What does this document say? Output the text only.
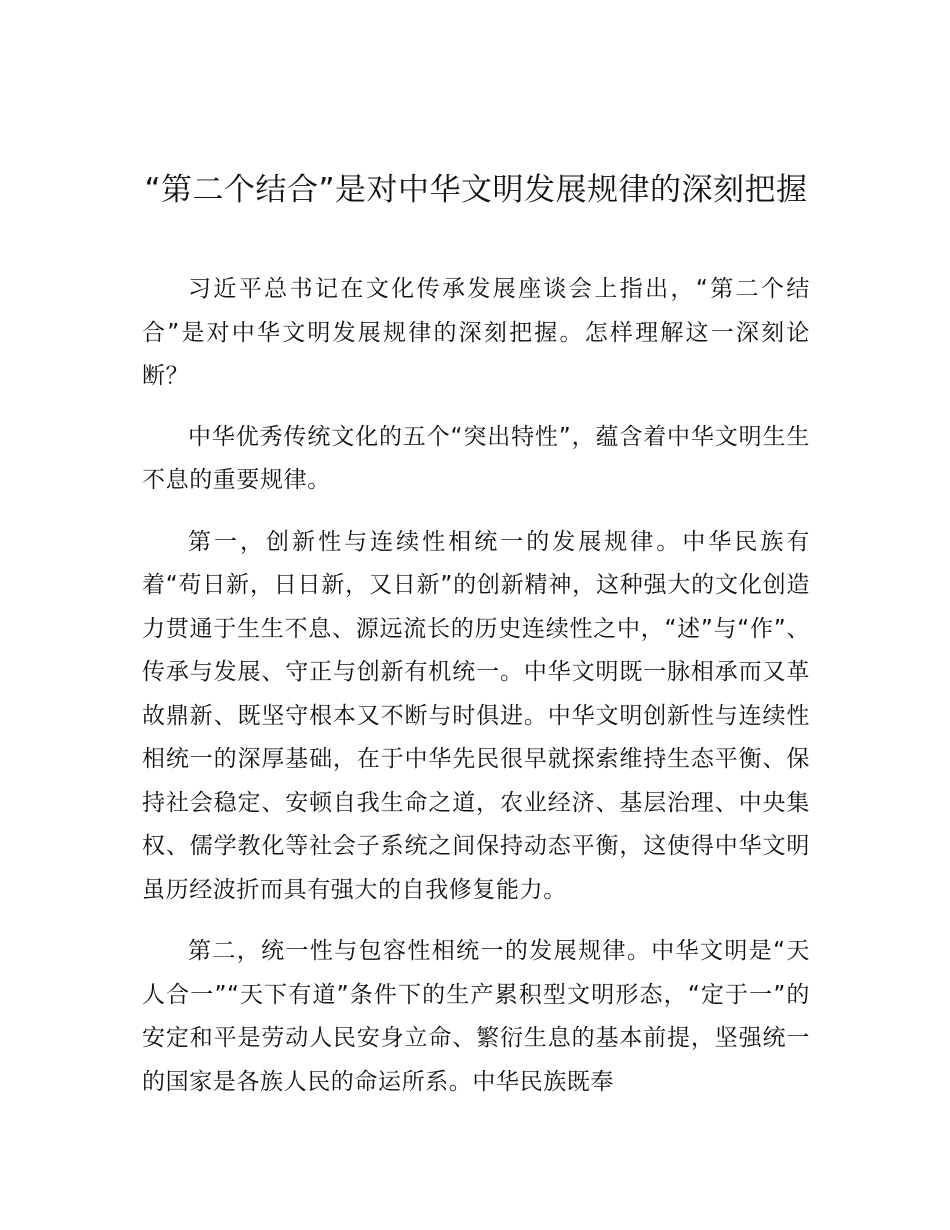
“第二个结合”是对中华文明发展规律的深刻把握

习近平总书记在文化传承发展座谈会上指出，“第二个结合”是对中华文明发展规律的深刻把握。怎样理解这一深刻论断？

中华优秀传统文化的五个“突出特性”，蕴含着中华文明生生不息的重要规律。

第一，创新性与连续性相统一的发展规律。中华民族有着“苟日新，日日新，又日新”的创新精神，这种强大的文化创造力贯通于生生不息、源远流长的历史连续性之中，“述”与“作”、传承与发展、守正与创新有机统一。中华文明既一脉相承而又革故鼎新、既坚守根本又不断与时俱进。中华文明创新性与连续性相统一的深厚基础，在于中华先民很早就探索维持生态平衡、保持社会稳定、安顿自我生命之道，农业经济、基层治理、中央集权、儒学教化等社会子系统之间保持动态平衡，这使得中华文明虽历经波折而具有强大的自我修复能力。

第二，统一性与包容性相统一的发展规律。中华文明是“天人合一”“天下有道”条件下的生产累积型文明形态，“定于一”的安定和平是劳动人民安身立命、繁衍生息的基本前提，坚强统一的国家是各族人民的命运所系。中华民族既奉
